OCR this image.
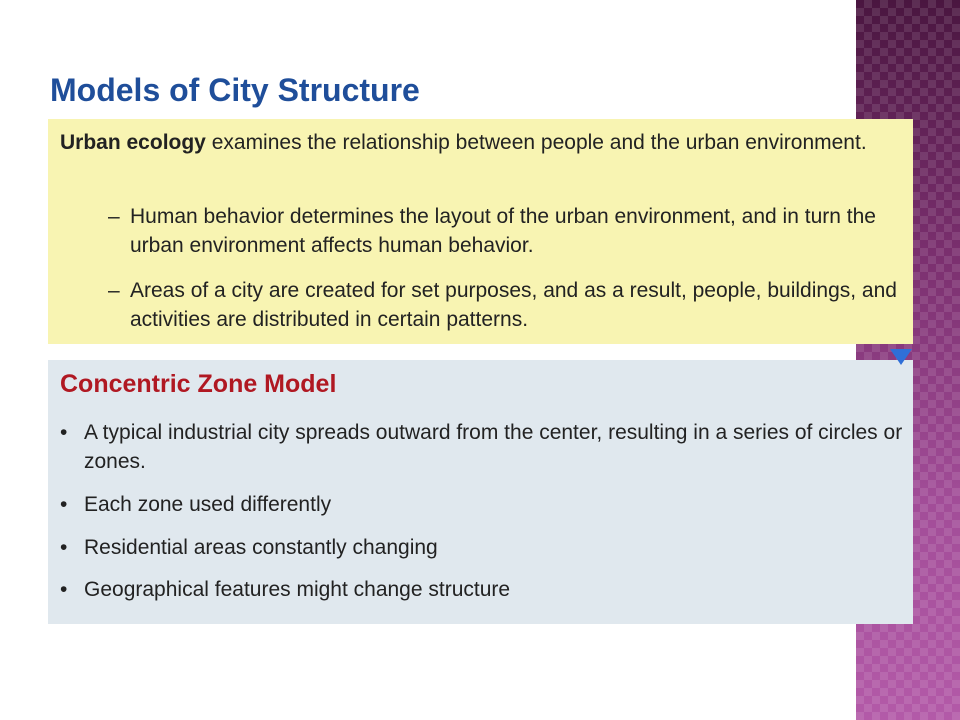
Models of City Structure
Urban ecology examines the relationship between people and the urban environment.
– Human behavior determines the layout of the urban environment, and in turn the urban environment affects human behavior.
– Areas of a city are created for set purposes, and as a result, people, buildings, and activities are distributed in certain patterns.
Concentric Zone Model
• A typical industrial city spreads outward from the center, resulting in a series of circles or zones.
• Each zone used differently
• Residential areas constantly changing
• Geographical features might change structure
